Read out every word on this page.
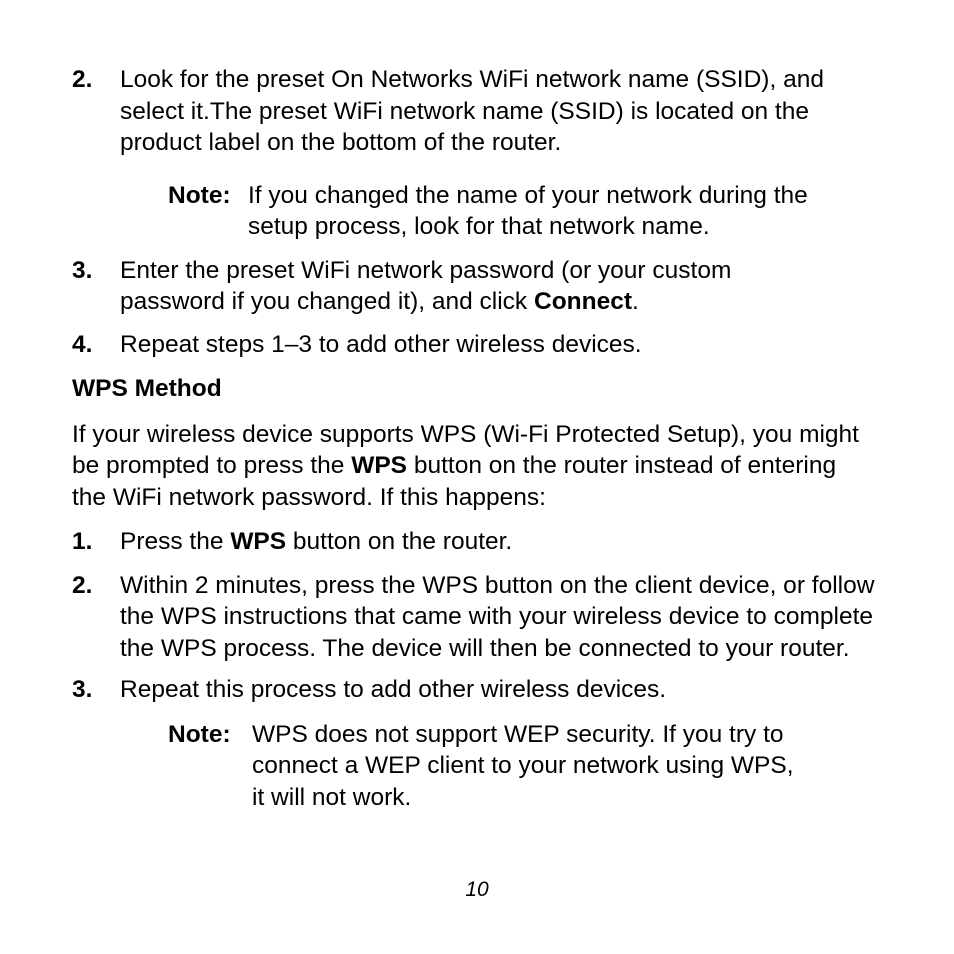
2. Look for the preset On Networks WiFi network name (SSID), and select it.The preset WiFi network name (SSID) is located on the product label on the bottom of the router.
Note: If you changed the name of your network during the setup process, look for that network name.
3. Enter the preset WiFi network password (or your custom password if you changed it), and click Connect.
4. Repeat steps 1–3 to add other wireless devices.
WPS Method
If your wireless device supports WPS (Wi-Fi Protected Setup), you might be prompted to press the WPS button on the router instead of entering the WiFi network password. If this happens:
1. Press the WPS button on the router.
2. Within 2 minutes, press the WPS button on the client device, or follow the WPS instructions that came with your wireless device to complete the WPS process. The device will then be connected to your router.
3. Repeat this process to add other wireless devices.
Note: WPS does not support WEP security. If you try to connect a WEP client to your network using WPS, it will not work.
10
